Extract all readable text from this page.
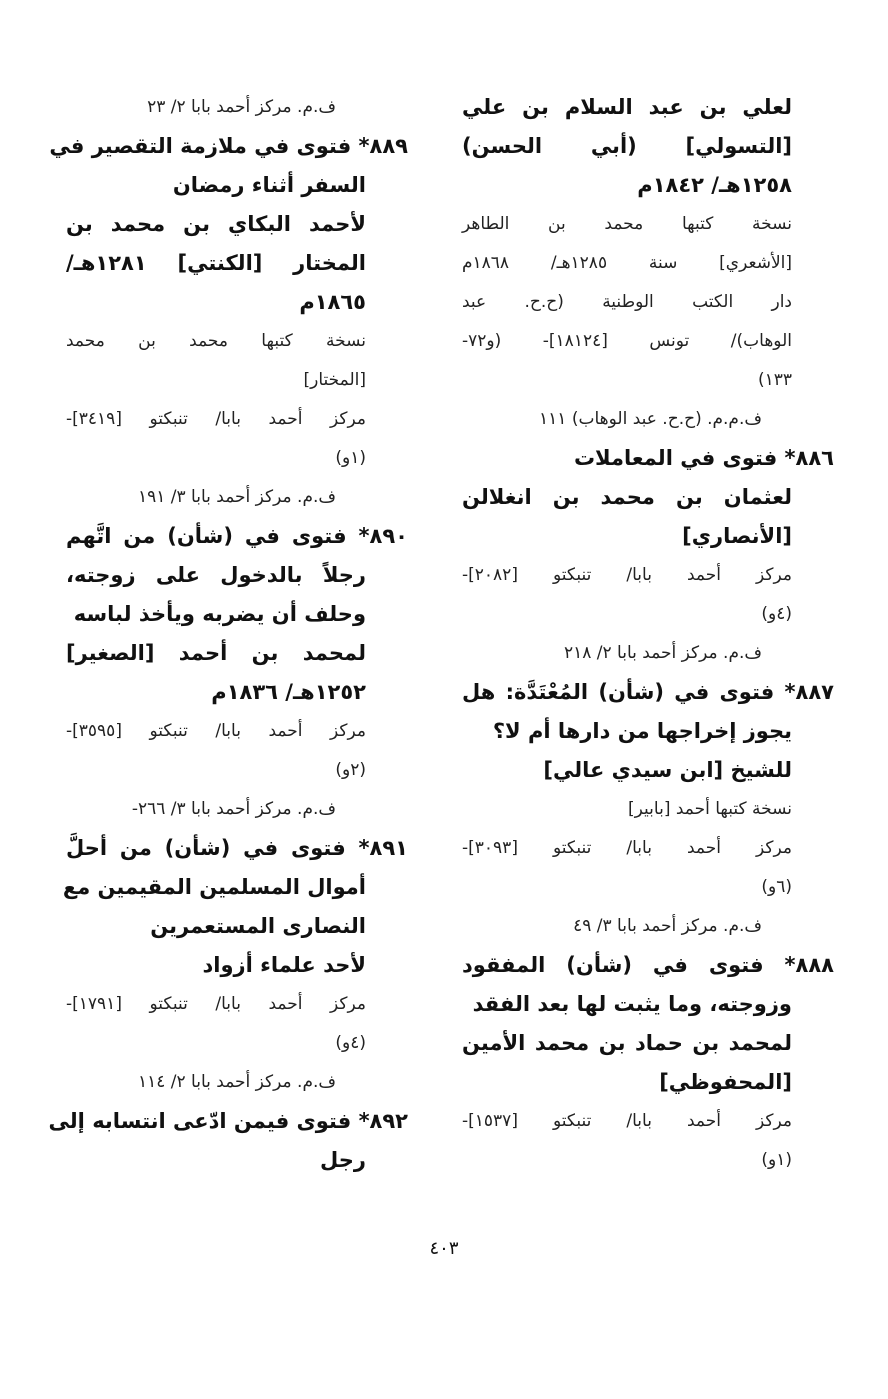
لعلي بن عبد السلام بن علي
[التسولي] (أبي الحسن)
١٢٥٨هـ/ ١٨٤٢م
نسخة كتبها محمد بن الطاهر
[الأشعري] سنة ١٢٨٥هـ/ ١٨٦٨م
دار الكتب الوطنية (ح.ح. عبد
الوهاب)/ تونس [١٨١٢٤]- (و٧٢-
١٣٣)
ف.م.م. (ح.ح. عبد الوهاب) ١١١
٨٨٦* فتوى في المعاملات
لعثمان بن محمد بن انغلالن
[الأنصاري]
مركز أحمد بابا/ تنبكتو [٢٠٨٢]-
(٤و)
ف.م. مركز أحمد بابا ٢/ ٢١٨
٨٨٧* فتوى في (شأن) المُعْتَدَّة: هل
يجوز إخراجها من دارها أم لا؟
للشيخ [ابن سيدي عالي]
نسخة كتبها أحمد [بابير]
مركز أحمد بابا/ تنبكتو [٣٠٩٣]-
(٦و)
ف.م. مركز أحمد بابا ٣/ ٤٩
٨٨٨* فتوى في (شأن) المفقود
وزوجته، وما يثبت لها بعد الفقد
لمحمد بن حماد بن محمد الأمين
[المحفوظي]
مركز أحمد بابا/ تنبكتو [١٥٣٧]-
(١و)
ف.م. مركز أحمد بابا ٢/ ٢٣
٨٨٩* فتوى في ملازمة التقصير في
السفر أثناء رمضان
لأحمد البكاي بن محمد بن
المختار [الكنتي] ١٢٨١هـ/
١٨٦٥م
نسخة كتبها محمد بن محمد
[المختار]
مركز أحمد بابا/ تنبكتو [٣٤١٩]-
(١و)
ف.م. مركز أحمد بابا ٣/ ١٩١
٨٩٠* فتوى في (شأن) من اتَّهم
رجلاً بالدخول على زوجته،
وحلف أن يضربه ويأخذ لباسه
لمحمد بن أحمد [الصغير]
١٢٥٢هـ/ ١٨٣٦م
مركز أحمد بابا/ تنبكتو [٣٥٩٥]-
(٢و)
ف.م. مركز أحمد بابا ٣/ ٢٦٦-
٨٩١* فتوى في (شأن) من أحلَّ
أموال المسلمين المقيمين مع
النصارى المستعمرين
لأحد علماء أزواد
مركز أحمد بابا/ تنبكتو [١٧٩١]-
(٤و)
ف.م. مركز أحمد بابا ٢/ ١١٤
٨٩٢* فتوى فيمن ادّعى انتسابه إلى
رجل
٤٠٣
